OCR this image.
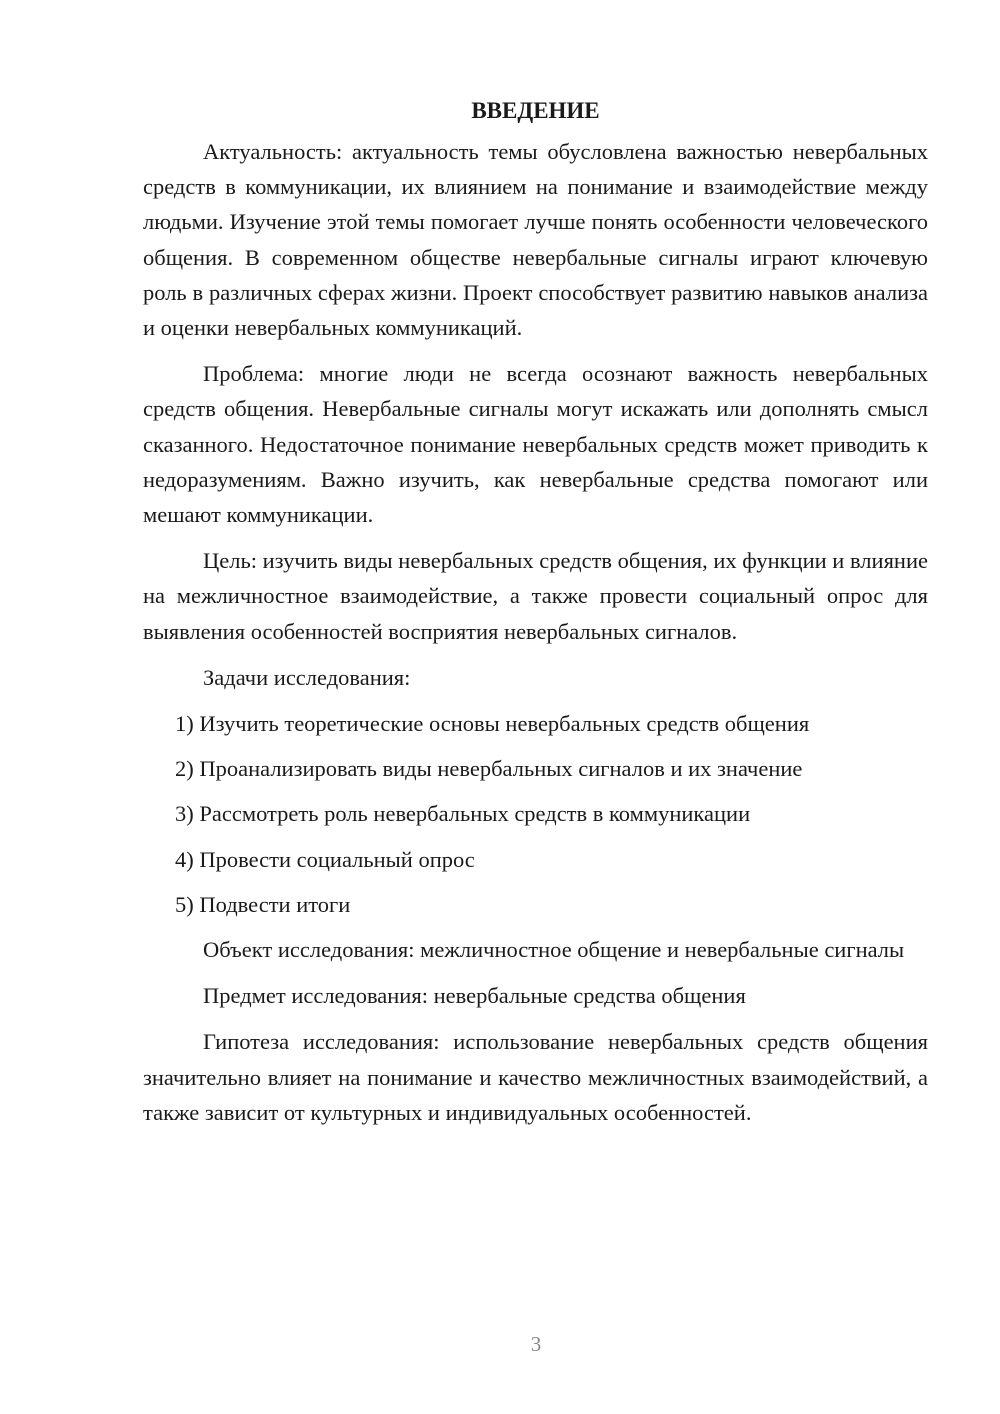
ВВЕДЕНИЕ

Актуальность: актуальность темы обусловлена важностью невербальных средств в коммуникации, их влиянием на понимание и взаимодействие между людьми. Изучение этой темы помогает лучше понять особенности человеческого общения. В современном обществе невербальные сигналы играют ключевую роль в различных сферах жизни. Проект способствует развитию навыков анализа и оценки невербальных коммуникаций.

Проблема: многие люди не всегда осознают важность невербальных средств общения. Невербальные сигналы могут искажать или дополнять смысл сказанного. Недостаточное понимание невербальных средств может приводить к недоразумениям. Важно изучить, как невербальные средства помогают или мешают коммуникации.

Цель: изучить виды невербальных средств общения, их функции и влияние на межличностное взаимодействие, а также провести социальный опрос для выявления особенностей восприятия невербальных сигналов.

Задачи исследования:

1) Изучить теоретические основы невербальных средств общения
2) Проанализировать виды невербальных сигналов и их значение
3) Рассмотреть роль невербальных средств в коммуникации
4) Провести социальный опрос
5) Подвести итоги

Объект исследования: межличностное общение и невербальные сигналы

Предмет исследования: невербальные средства общения

Гипотеза исследования: использование невербальных средств общения значительно влияет на понимание и качество межличностных взаимодействий, а также зависит от культурных и индивидуальных особенностей.

3
